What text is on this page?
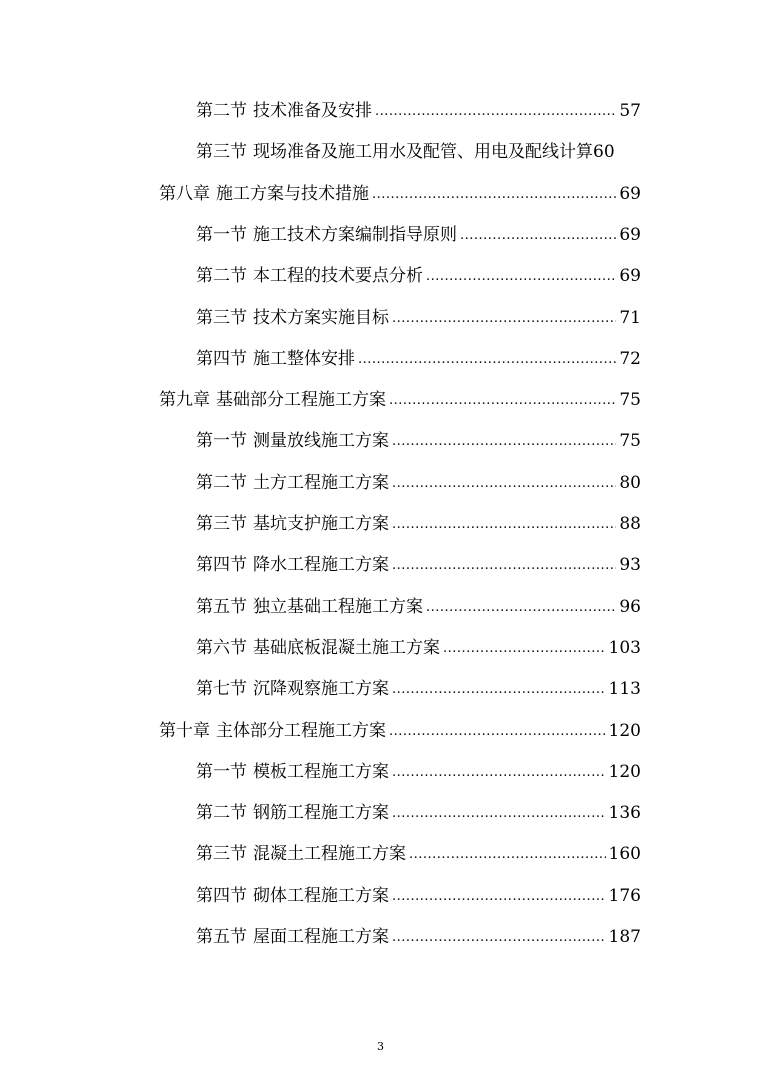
第二节 技术准备及安排 .....	57
第三节 现场准备及施工用水及配管、用电及配线计算 60
第八章 施工方案与技术措施 .....	69
第一节 施工技术方案编制指导原则 .....	69
第二节 本工程的技术要点分析 .....	69
第三节 技术方案实施目标 .....	71
第四节 施工整体安排 .....	72
第九章 基础部分工程施工方案 .....	75
第一节 测量放线施工方案 .....	75
第二节 土方工程施工方案 .....	80
第三节 基坑支护施工方案 .....	88
第四节 降水工程施工方案 .....	93
第五节 独立基础工程施工方案 .....	96
第六节 基础底板混凝土施工方案 .....	103
第七节 沉降观察施工方案 .....	113
第十章 主体部分工程施工方案 .....	120
第一节 模板工程施工方案 .....	120
第二节 钢筋工程施工方案 .....	136
第三节 混凝土工程施工方案 .....	160
第四节 砌体工程施工方案 .....	176
第五节 屋面工程施工方案 .....	187
3
